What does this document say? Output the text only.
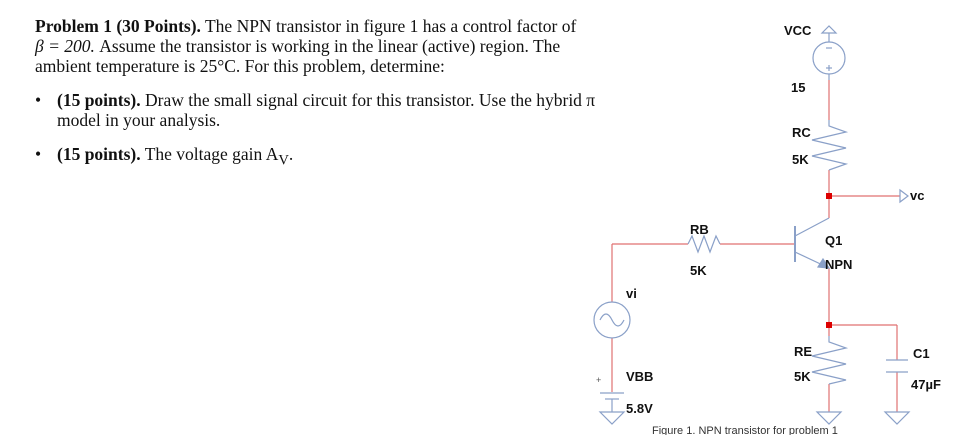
Problem 1 (30 Points). The NPN transistor in figure 1 has a control factor of
β = 200. Assume the transistor is working in the linear (active) region. The
ambient temperature is 25°C. For this problem, determine:

• (15 points). Draw the small signal circuit for this transistor. Use the hybrid π
model in your analysis.

• (15 points). The voltage gain $A_V$.

VCC
15
RC
5K
vc
RB
5K
Q1
NPN
vi
RE
5K
C1
47µF
VBB
5.8V
+
Figure 1. NPN transistor for problem 1
